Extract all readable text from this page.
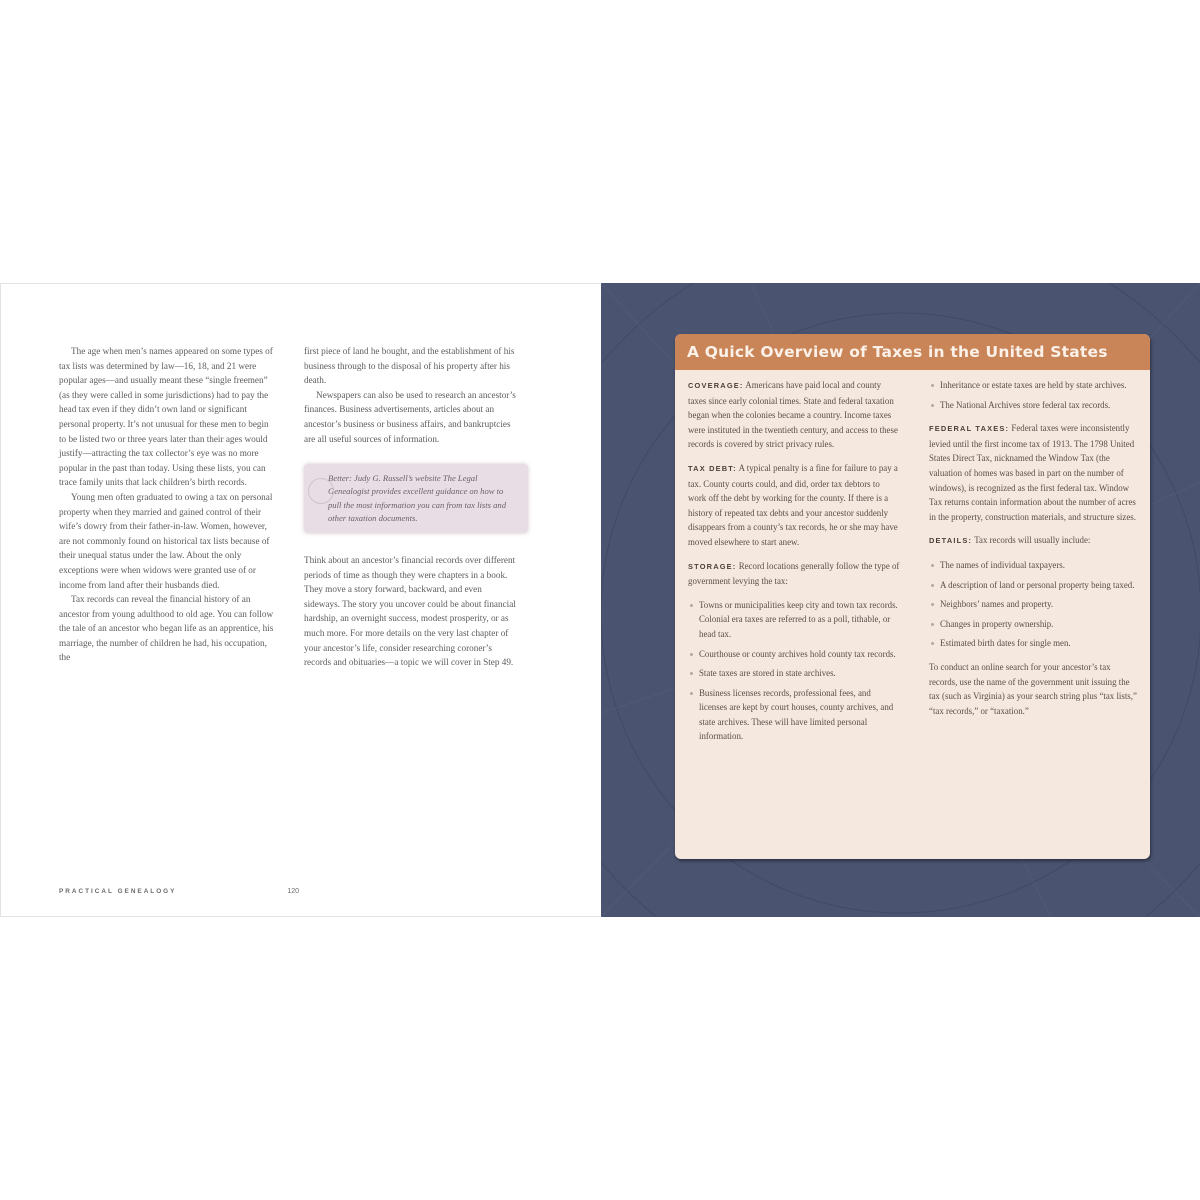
The age when men’s names appeared on some types of tax lists was determined by law—16, 18, and 21 were popular ages—and usually meant these “single freemen” (as they were called in some jurisdictions) had to pay the head tax even if they didn’t own land or significant personal property. It’s not unusual for these men to begin to be listed two or three years later than their ages would justify—attracting the tax collector’s eye was no more popular in the past than today. Using these lists, you can trace family units that lack children’s birth records.

Young men often graduated to owing a tax on personal property when they married and gained control of their wife’s dowry from their father-in-law. Women, however, are not commonly found on historical tax lists because of their unequal status under the law. About the only exceptions were when widows were granted use of or income from land after their husbands died.

Tax records can reveal the financial history of an ancestor from young adulthood to old age. You can follow the tale of an ancestor who began life as an apprentice, his marriage, the number of children he had, his occupation, the

first piece of land he bought, and the establishment of his business through to the disposal of his property after his death.

Newspapers can also be used to research an ancestor’s finances. Business advertisements, articles about an ancestor’s business or business affairs, and bankruptcies are all useful sources of information.

Better: Judy G. Russell’s website The Legal Genealogist provides excellent guidance on how to pull the most information you can from tax lists and other taxation documents.

Think about an ancestor’s financial records over different periods of time as though they were chapters in a book. They move a story forward, backward, and even sideways. The story you uncover could be about financial hardship, an overnight success, modest prosperity, or as much more. For more details on the very last chapter of your ancestor’s life, consider researching coroner’s records and obituaries—a topic we will cover in Step 49.

PRACTICAL GENEALOGY	120
A Quick Overview of Taxes in the United States

COVERAGE: Americans have paid local and county taxes since early colonial times. State and federal taxation began when the colonies became a country. Income taxes were instituted in the twentieth century, and access to these records is covered by strict privacy rules.

TAX DEBT: A typical penalty is a fine for failure to pay a tax. County courts could, and did, order tax debtors to work off the debt by working for the county. If there is a history of repeated tax debts and your ancestor suddenly disappears from a county’s tax records, he or she may have moved elsewhere to start anew.

STORAGE: Record locations generally follow the type of government levying the tax:

Towns or municipalities keep city and town tax records. Colonial era taxes are referred to as a poll, tithable, or head tax.
Courthouse or county archives hold county tax records.
State taxes are stored in state archives.
Business licenses records, professional fees, and licenses are kept by court houses, county archives, and state archives. These will have limited personal information.
Inheritance or estate taxes are held by state archives.
The National Archives store federal tax records.

FEDERAL TAXES: Federal taxes were inconsistently levied until the first income tax of 1913. The 1798 United States Direct Tax, nicknamed the Window Tax (the valuation of homes was based in part on the number of windows), is recognized as the first federal tax. Window Tax returns contain information about the number of acres in the property, construction materials, and structure sizes.

DETAILS: Tax records will usually include:

The names of individual taxpayers.
A description of land or personal property being taxed.
Neighbors’ names and property.
Changes in property ownership.
Estimated birth dates for single men.

To conduct an online search for your ancestor’s tax records, use the name of the government unit issuing the tax (such as Virginia) as your search string plus “tax lists,” “tax records,” or “taxation.”
